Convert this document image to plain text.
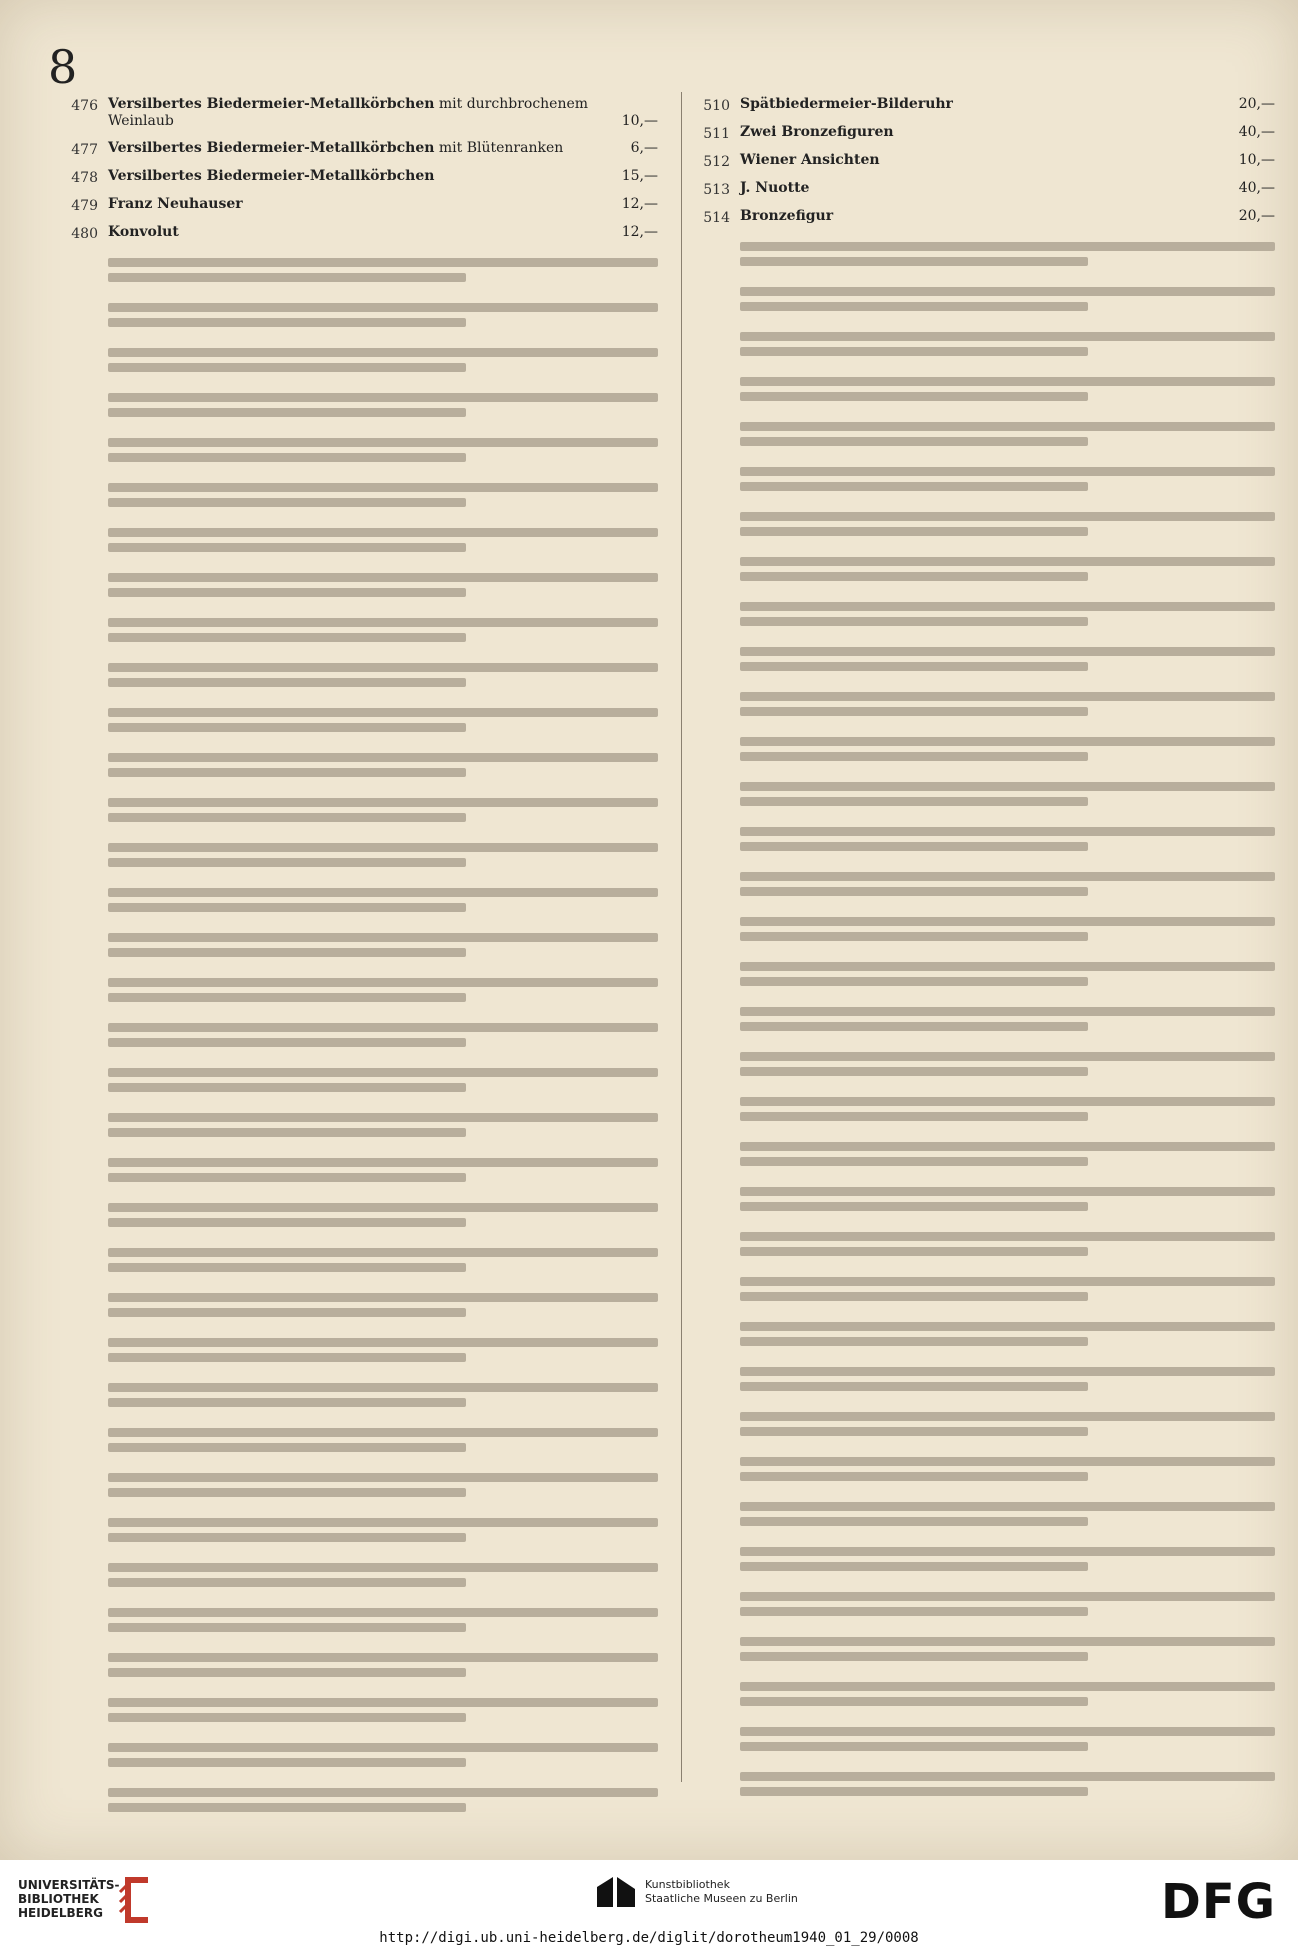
8
476 Versilbertes Biedermeier-Metallkörbchen mit durchbrochenem Weinlaub	10,—
477 Versilbertes Biedermeier-Metallkörbchen mit Blütenranken	6,—
478 Versilbertes Biedermeier-Metallkörbchen	15,—
479 Franz Neuhauser	12,—
480 Konvolut	12,—
510 Spätbiedermeier-Bilderuhr	20,—
511 Zwei Bronzefiguren	40,—
512 Wiener Ansichten	10,—
513 J. Nuotte	40,—
514 Bronzefigur	20,—
UNIVERSITÄTS-
BIBLIOTHEK
HEIDELBERG
Kunstbibliothek
Staatliche Museen zu Berlin	DFG
http://digi.ub.uni-heidelberg.de/diglit/dorotheum1940_01_29/0008
